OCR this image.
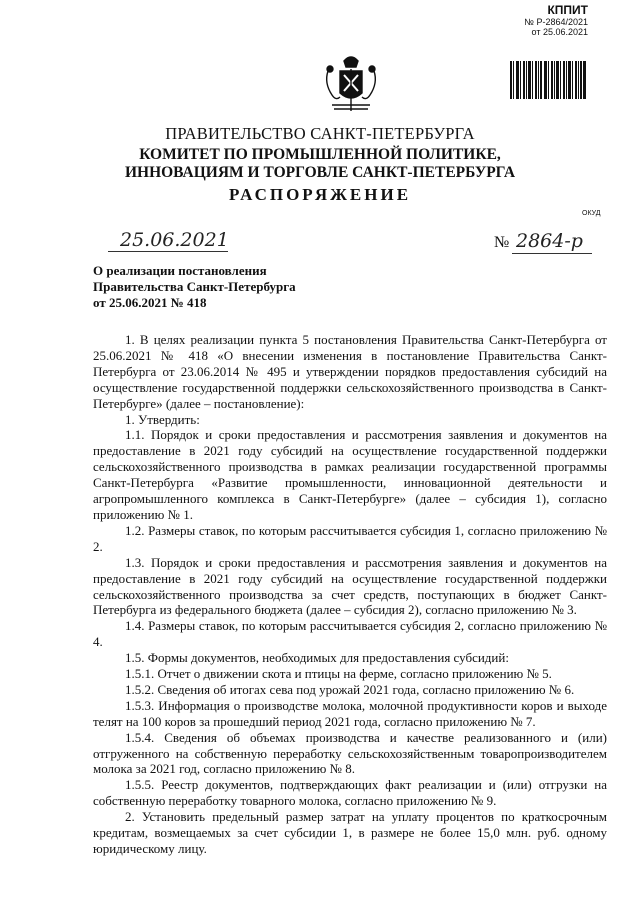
КППИТ
№ Р-2864/2021
от 25.06.2021
ПРАВИТЕЛЬСТВО САНКТ-ПЕТЕРБУРГА
КОМИТЕТ ПО ПРОМЫШЛЕННОЙ ПОЛИТИКЕ,
ИННОВАЦИЯМ И ТОРГОВЛЕ САНКТ-ПЕТЕРБУРГА
РАСПОРЯЖЕНИЕ
ОКУД
25.06.2021	№ 2864-р
О реализации постановления
Правительства Санкт-Петербурга
от 25.06.2021 № 418

1. В целях реализации пункта 5 постановления Правительства Санкт-Петербурга от 25.06.2021 № 418 «О внесении изменения в постановление Правительства Санкт-Петербурга от 23.06.2014 № 495 и утверждении порядков предоставления субсидий на осуществление государственной поддержки сельскохозяйственного производства в Санкт-Петербурге» (далее – постановление):

1. Утвердить:

1.1. Порядок и сроки предоставления и рассмотрения заявления и документов на предоставление в 2021 году субсидий на осуществление государственной поддержки сельскохозяйственного производства в рамках реализации государственной программы Санкт-Петербурга «Развитие промышленности, инновационной деятельности и агропромышленного комплекса в Санкт-Петербурге» (далее – субсидия 1), согласно приложению № 1.

1.2. Размеры ставок, по которым рассчитывается субсидия 1, согласно приложению № 2.

1.3. Порядок и сроки предоставления и рассмотрения заявления и документов на предоставление в 2021 году субсидий на осуществление государственной поддержки сельскохозяйственного производства за счет средств, поступающих в бюджет Санкт-Петербурга из федерального бюджета (далее – субсидия 2), согласно приложению № 3.

1.4. Размеры ставок, по которым рассчитывается субсидия 2, согласно приложению № 4.

1.5. Формы документов, необходимых для предоставления субсидий:

1.5.1. Отчет о движении скота и птицы на ферме, согласно приложению № 5.

1.5.2. Сведения об итогах сева под урожай 2021 года, согласно приложению № 6.

1.5.3. Информация о производстве молока, молочной продуктивности коров и выходе телят на 100 коров за прошедший период 2021 года, согласно приложению № 7.

1.5.4. Сведения об объемах производства и качестве реализованного и (или) отгруженного на собственную переработку сельскохозяйственным товаропроизводителем молока за 2021 год, согласно приложению № 8.

1.5.5. Реестр документов, подтверждающих факт реализации и (или) отгрузки на собственную переработку товарного молока, согласно приложению № 9.

2. Установить предельный размер затрат на уплату процентов по краткосрочным кредитам, возмещаемых за счет субсидии 1, в размере не более 15,0 млн. руб. одному юридическому лицу.
